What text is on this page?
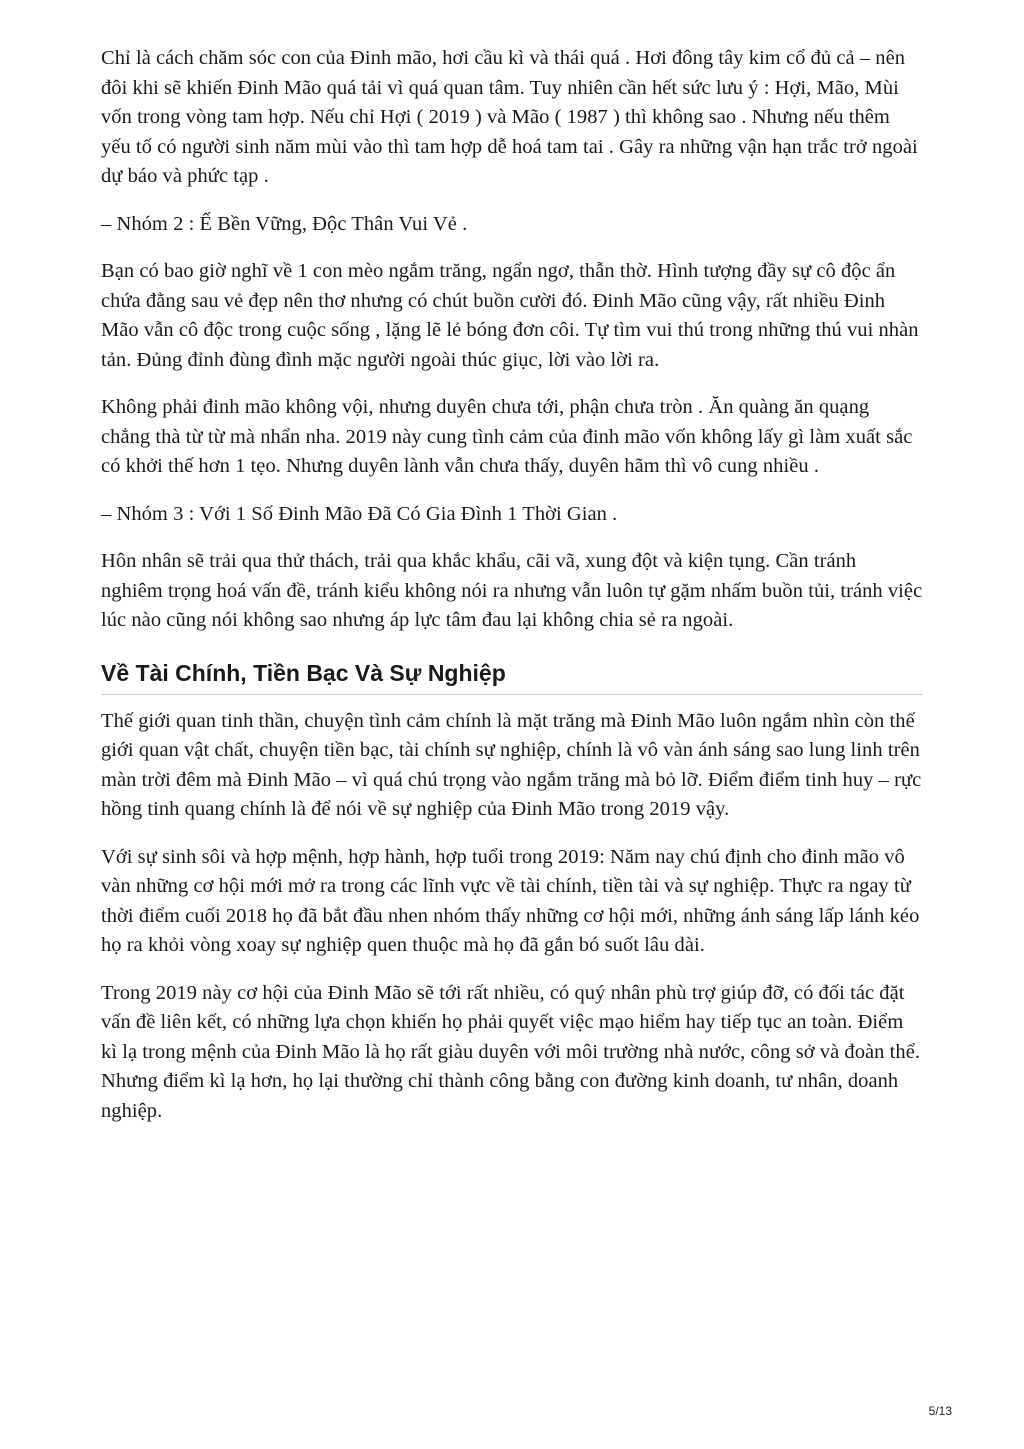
Chỉ là cách chăm sóc con của Đinh mão, hơi cầu kì và thái quá . Hơi đông tây kim cổ đủ cả – nên đôi khi sẽ khiến Đinh Mão quá tải vì quá quan tâm. Tuy nhiên cần hết sức lưu ý : Hợi, Mão, Mùi vốn trong vòng tam hợp. Nếu chỉ Hợi ( 2019 ) và Mão ( 1987 ) thì không sao . Nhưng nếu thêm yếu tố có người sinh năm mùi vào thì tam hợp dễ hoá tam tai . Gây ra những vận hạn trắc trở ngoài dự báo và phức tạp .

– Nhóm 2 : Ế Bền Vững, Độc Thân Vui Vẻ .

Bạn có bao giờ nghĩ về 1 con mèo ngắm trăng, ngẩn ngơ, thẫn thờ. Hình tượng đầy sự cô độc ẩn chứa đằng sau vẻ đẹp nên thơ nhưng có chút buồn cười đó. Đinh Mão cũng vậy, rất nhiều Đinh Mão vẫn cô độc trong cuộc sống , lặng lẽ lẻ bóng đơn côi. Tự tìm vui thú trong những thú vui nhàn tản. Đủng đỉnh đùng đình mặc người ngoài thúc giục, lời vào lời ra.

Không phải đinh mão không vội, nhưng duyên chưa tới, phận chưa tròn . Ăn quàng ăn quạng chẳng thà từ từ mà nhẩn nha. 2019 này cung tình cảm của đinh mão vốn không lấy gì làm xuất sắc có khởi thế hơn 1 tẹo. Nhưng duyên lành vẫn chưa thấy, duyên hãm thì vô cung nhiều .

– Nhóm 3 : Với 1 Số Đinh Mão Đã Có Gia Đình 1 Thời Gian .

Hôn nhân sẽ trải qua thử thách, trải qua khắc khẩu, cãi vã, xung đột và kiện tụng. Cần tránh nghiêm trọng hoá vấn đề, tránh kiểu không nói ra nhưng vẫn luôn tự gặm nhấm buồn tủi, tránh việc lúc nào cũng nói không sao nhưng áp lực tâm đau lại không chia sẻ ra ngoài.

Về Tài Chính, Tiền Bạc Và Sự Nghiệp

Thế giới quan tinh thần, chuyện tình cảm chính là mặt trăng mà Đinh Mão luôn ngắm nhìn còn thế giới quan vật chất, chuyện tiền bạc, tài chính sự nghiệp, chính là vô vàn ánh sáng sao lung linh trên màn trời đêm mà Đinh Mão – vì quá chú trọng vào ngắm trăng mà bỏ lỡ. Điểm điểm tinh huy – rực hồng tinh quang chính là để nói về sự nghiệp của Đinh Mão trong 2019 vậy.

Với sự sinh sôi và hợp mệnh, hợp hành, hợp tuổi trong 2019: Năm nay chú định cho đinh mão vô vàn những cơ hội mới mở ra trong các lĩnh vực về tài chính, tiền tài và sự nghiệp. Thực ra ngay từ thời điểm cuối 2018 họ đã bắt đầu nhen nhóm thấy những cơ hội mới, những ánh sáng lấp lánh kéo họ ra khỏi vòng xoay sự nghiệp quen thuộc mà họ đã gắn bó suốt lâu dài.

Trong 2019 này cơ hội của Đinh Mão sẽ tới rất nhiều, có quý nhân phù trợ giúp đỡ, có đối tác đặt vấn đề liên kết, có những lựa chọn khiến họ phải quyết việc mạo hiểm hay tiếp tục an toàn. Điểm kì lạ trong mệnh của Đinh Mão là họ rất giàu duyên với môi trường nhà nước, công sở và đoàn thể. Nhưng điểm kì lạ hơn, họ lại thường chỉ thành công bằng con đường kinh doanh, tư nhân, doanh nghiệp.

5/13
